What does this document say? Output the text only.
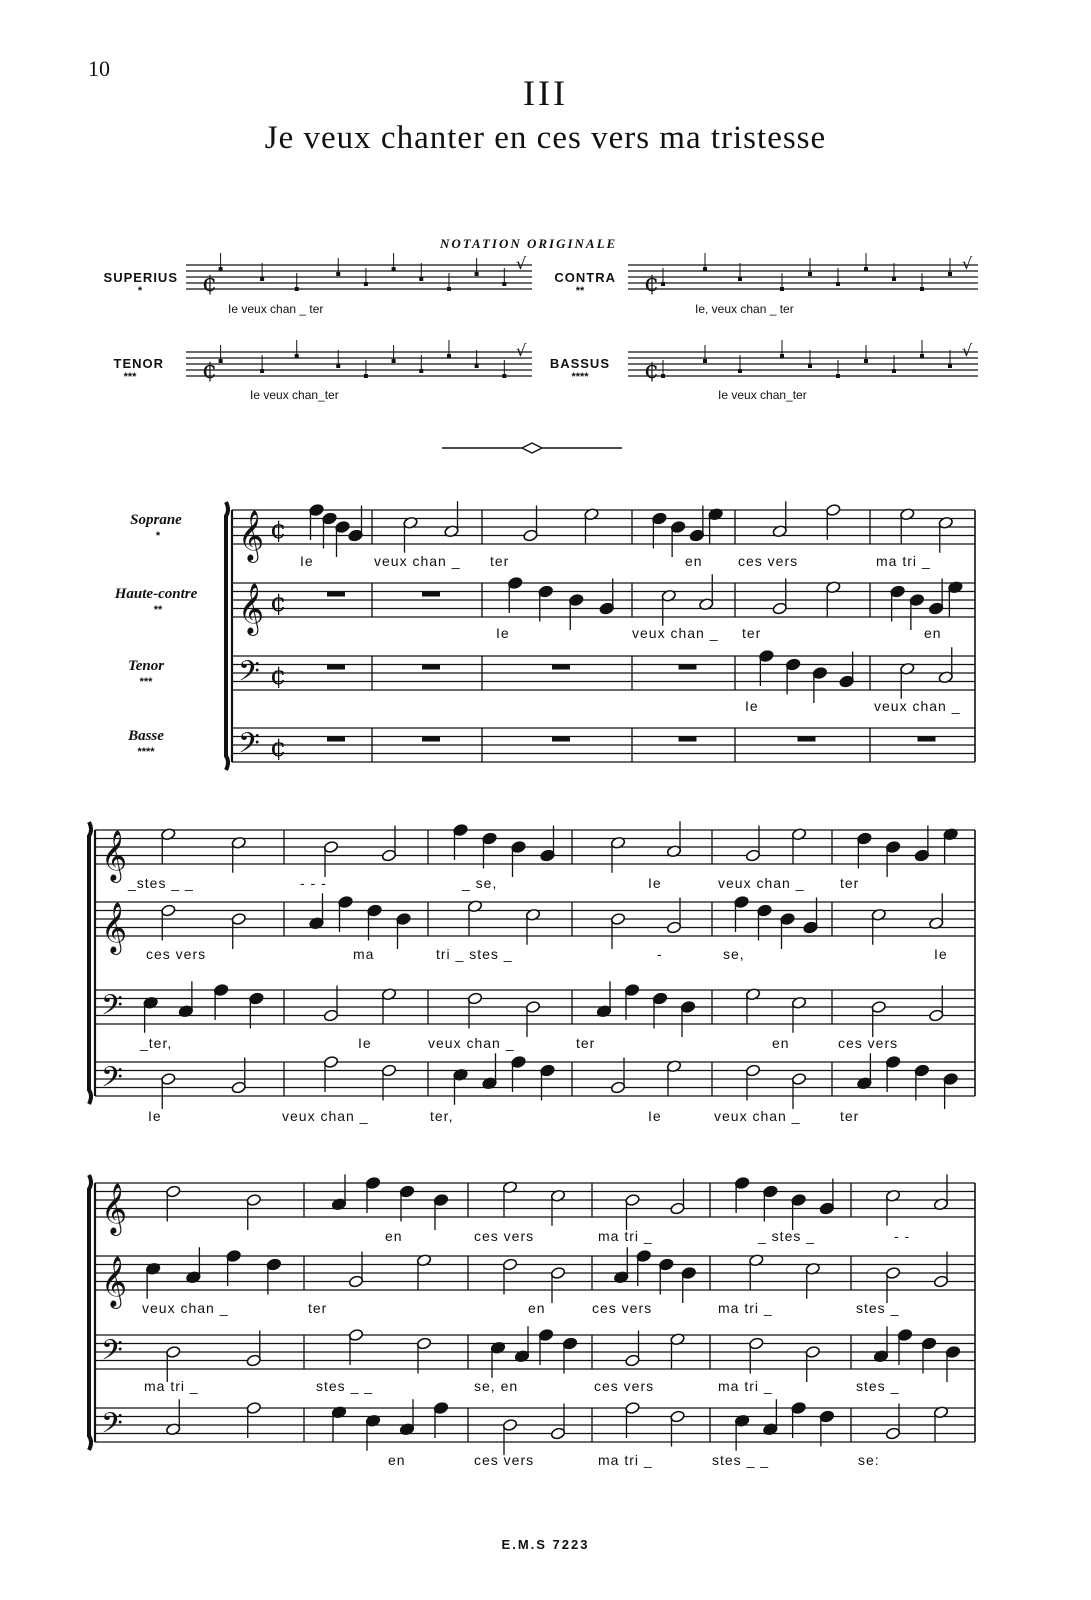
10
III
Je veux chanter en ces vers ma tristesse
NOTATION ORIGINALE
SUPERIUS
*
CONTRA
**
TENOR
***
BASSUS
****
Ie veux chan _ ter	Ie, veux chan _ ter
Ie veux chan_ter	Ie veux chan_ter
Soprane
*
Haute-contre
**
Tenor
***
Basse
****
Ie	veux chan _ ter	en	ces vers	ma tri _
Ie	veux chan _ ter	en
Ie	veux chan _
_stes _ _	- - -	_ se,	Ie	veux chan _	ter
ces vers	ma	tri _ stes _	-	se,	Ie
_ter,	Ie	veux chan _	ter	en	ces vers
Ie	veux chan _	ter,	Ie	veux chan _	ter
en	ces vers	ma tri _	_ stes _	- -
veux chan _	ter	en	ces vers	ma tri _	stes _
ma tri _	stes _ _	se, en	ces vers	ma tri _	stes _
en	ces vers	ma tri _	stes _ _	se:
E.M.S 7223
¢
√
¢
√
¢
√
¢
√
𝄞 ¢
𝄞 ¢
𝄢 ¢
𝄢 ¢
𝄞
𝄞
𝄢
𝄢
𝄞
𝄞
𝄢
𝄢
